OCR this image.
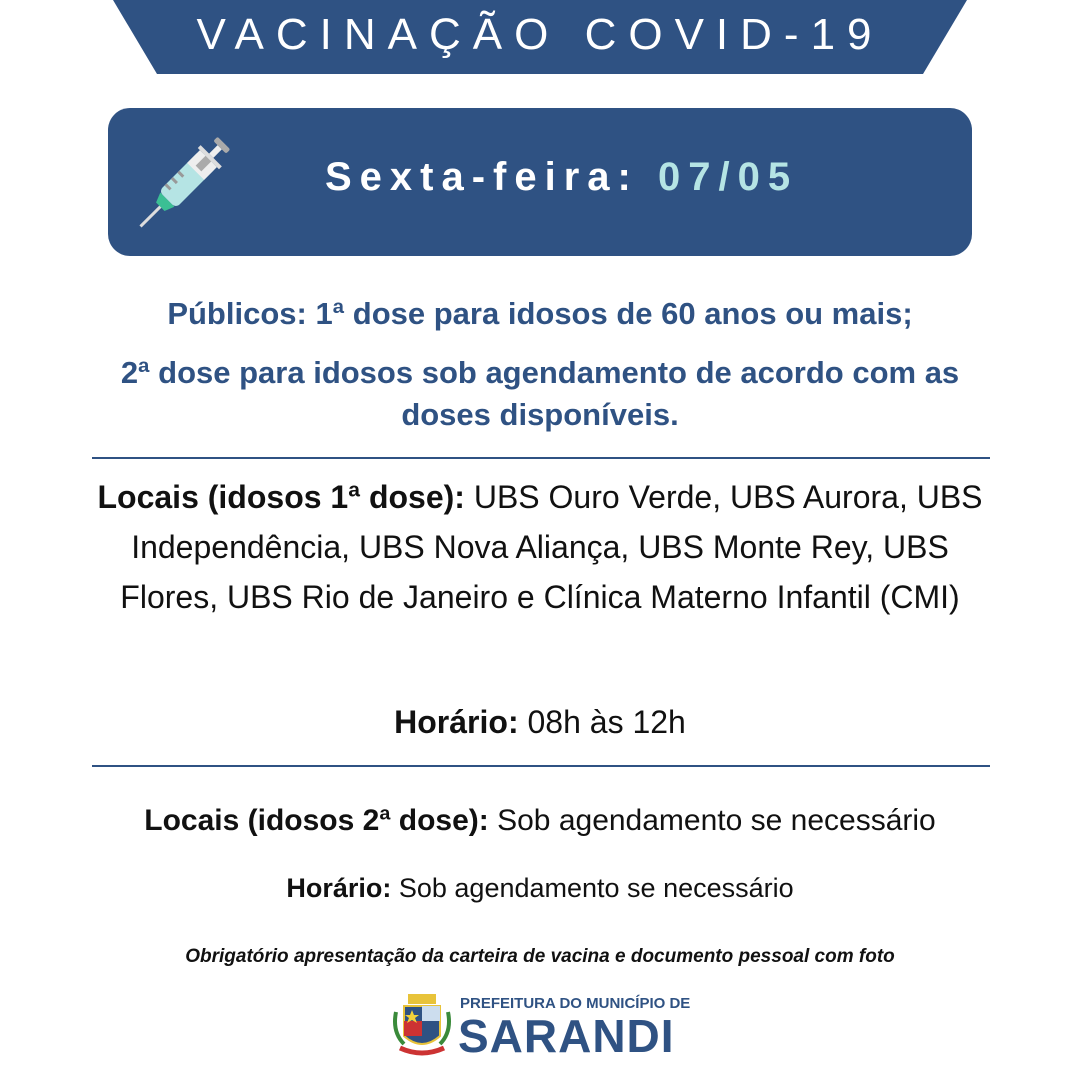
VACINAÇÃO COVID-19
Sexta-feira: 07/05
Públicos: 1ª dose para idosos de 60 anos ou mais;
2ª dose para idosos sob agendamento de acordo com as doses disponíveis.
Locais (idosos 1ª dose): UBS Ouro Verde, UBS Aurora, UBS Independência, UBS Nova Aliança, UBS Monte Rey, UBS Flores, UBS Rio de Janeiro e Clínica Materno Infantil (CMI)
Horário: 08h às 12h
Locais (idosos 2ª dose): Sob agendamento se necessário
Horário: Sob agendamento se necessário
Obrigatório apresentação da carteira de vacina e documento pessoal com foto
PREFEITURA DO MUNICÍPIO DE
SARANDI
